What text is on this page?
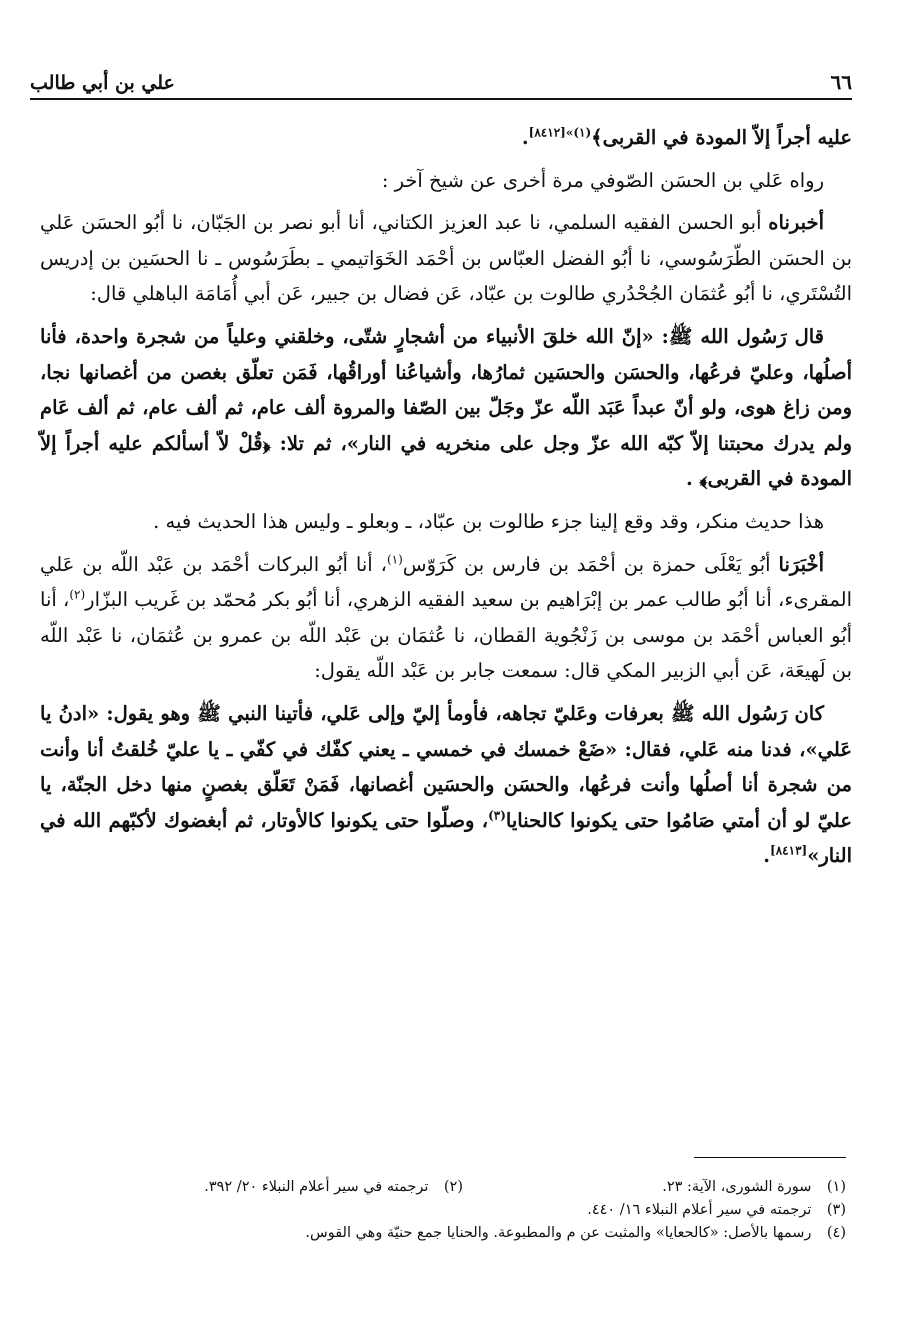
٦٦
علي بن أبي طالب

عليه أجراً إلاّ المودة في القربى﴾$^{(١)»[٨٤١٢]}$.

رواه عَلي بن الحسَن الصّوفي مرة أخرى عن شيخ آخر :

أخبرناه أبو الحسن الفقيه السلمي، نا عبد العزيز الكتاني، أنا أبو نصر بن الجَبّان، نا أبُو الحسَن عَلي بن الحسَن الطّرَسُوسي، نا أبُو الفضل العبّاس بن أحْمَد الخَوَاتيمي ـ بطَرَسُوس ـ نا الحسَين بن إدريس التُسْتَري، نا أبُو عُثمَان الجُحْدُري طالوت بن عبّاد، عَن فضال بن جبير، عَن أبي أُمَامَة الباهلي قال:

قال رَسُول الله ﷺ: «إنّ الله خلقَ الأنبياء من أشجارٍ شتّى، وخلقني وعلياً من شجرة واحدة، فأنا أصلُها، وعليّ فرعُها، والحسَن والحسَين ثمارُها، وأشياعُنا أوراقُها، فَمَن تعلّق بغصن من أغصانها نجا، ومن زاغ هوى، ولو أنّ عبداً عَبَد اللّه عزّ وجَلّ بين الصّفا والمروة ألف عام، ثم ألف عام، ثم ألف عَام ولم يدرك محبتنا إلاّ كبّه الله عزّ وجل على منخريه في النار»، ثم تلا: ﴿قُلْ لاّ أسألكم عليه أجراً إلاّ المودة في القربى﴾ .

هذا حديث منكر، وقد وقع إلينا جزء طالوت بن عبّاد، ـ وبعلو ـ وليس هذا الحديث فيه .

أخْبَرَنا أبُو يَعْلَى حمزة بن أحْمَد بن فارس بن كَرَوّس$^{(١)}$، أنا أبُو البركات أحْمَد بن عَبْد اللّه بن عَلي المقرىء، أنا أبُو طالب عمر بن إبْرَاهيم بن سعيد الفقيه الزهري، أنا أبُو بكر مُحمّد بن غَريب البزّار$^{(٢)}$، أنا أبُو العباس أحْمَد بن موسى بن زَنْجُوية القطان، نا عُثمَان بن عَبْد اللّه بن عمرو بن عُثمَان، نا عَبْد اللّه بن لَهيعَة، عَن أبي الزبير المكي قال: سمعت جابر بن عَبْد اللّه يقول:

كان رَسُول الله ﷺ بعرفات وعَليّ تجاهه، فأومأ إليّ وإلى عَلي، فأتينا النبي ﷺ وهو يقول: «ادنُ يا عَلي»، فدنا منه عَلي، فقال: «ضَعْ خمسك في خمسي ـ يعني كفّك في كفّي ـ يا عليّ خُلقتُ أنا وأنت من شجرة أنا أصلُها وأنت فرعُها، والحسَن والحسَين أغصانها، فَمَنْ تَعَلّق بغصنٍ منها دخل الجنّة، يا عليّ لو أن أمتي صَامُوا حتى يكونوا كالحنايا$^{(٣)}$، وصلّوا حتى يكونوا كالأوتار، ثم أبغضوك لأكبّهم الله في النار»[٨٤١٣].

(١) سورة الشورى، الآية: ٢٣.
(٢) ترجمته في سير أعلام النبلاء ٢٠/ ٣٩٢.
(٣) ترجمته في سير أعلام النبلاء ١٦/ ٤٤٠.
(٤) رسمها بالأصل: «كالحعايا» والمثبت عن م والمطبوعة. والحنايا جمع حنيّة وهي القوس.
